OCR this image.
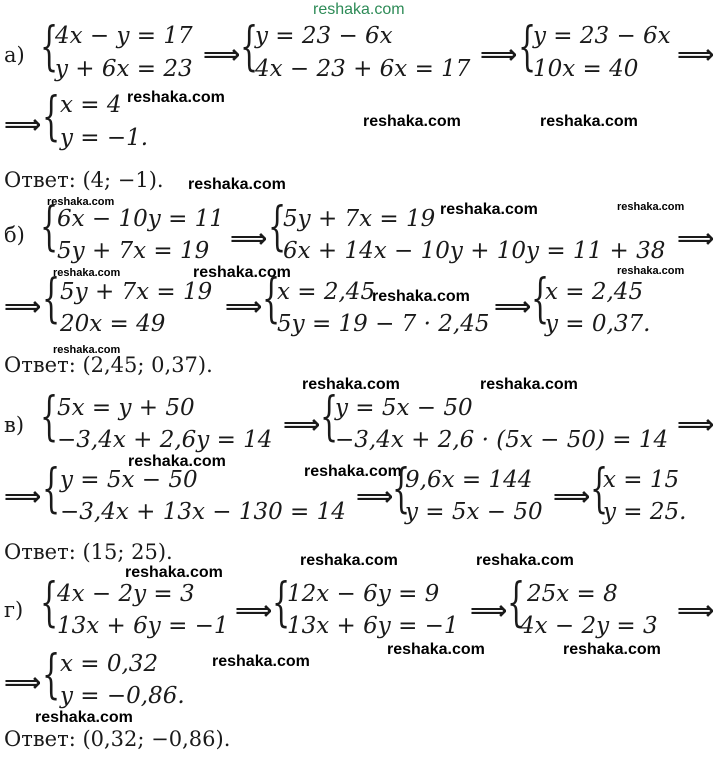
reshaka.com
а) {
4x − y = 17
y + 6x = 23 ⟹ {
y = 23 − 6x
4x − 23 + 6x = 17 ⟹ {
y = 23 − 6x
10x = 40 ⟹
⟹ { x = 4
y = −1.
reshaka.com
reshaka.com	reshaka.com
Ответ: (4; −1). reshaka.com
reshaka.com
б) {
6x − 10y = 11
5y + 7x = 19 ⟹ {
5y + 7x = 19
6x + 14x − 10y + 10y = 11 + 38 ⟹
reshaka.com	reshaka.com
reshaka.com	reshaka.com	reshaka.com
⟹ { 5y + 7x = 19
20x = 49
⟹ {
x = 2,45
5y = 19 − 7 · 2,45
reshaka.com ⟹ {
x = 2,45
y = 0,37.
reshaka.com
Ответ: (2,45; 0,37).
reshaka.com	reshaka.com
в) {
5x = y + 50
−3,4x + 2,6y = 14 ⟹ {
y = 5x − 50
−3,4x + 2,6 · (5x − 50) = 14 ⟹
reshaka.com
reshaka.com
⟹ { y = 5x − 50
−3,4x + 13x − 130 = 14 ⟹
{
9,6x = 144
y = 5x − 50 ⟹ {
x = 15
y = 25.
Ответ: (15; 25).	reshaka.com	reshaka.com
reshaka.com
г) {
4x − 2y = 3
13x + 6y = −1 ⟹ {
12x − 6y = 9
13x + 6y = −1 ⟹ { 25x = 8
4x − 2y = 3 ⟹
reshaka.com	reshaka.com
⟹ { x = 0,32
y = −0,86.
reshaka.com
reshaka.com
Ответ: (0,32; −0,86).
